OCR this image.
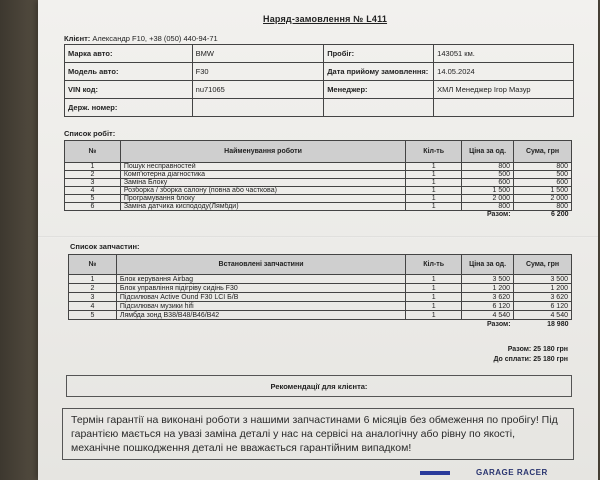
Наряд-замовлення № L411
Клієнт: Александр F10, +38 (050) 440-94-71
Марка авто:	BMW	Пробіг:	143051 км.
Модель авто:	F30	Дата прийому замовлення:	14.05.2024
VIN код:	nu71065	Менеджер:	ХМЛ Менеджер Ігор Мазур
Держ. номер:			
Список робіт:
№	Найменування роботи	Кіл-ть	Ціна за од.	Сума, грн
1	Пошук несправностей	1	800	800
2	Комп'ютерна діагностика	1	500	500
3	Заміна Блоку	1	600	600
4	Розборка / зборка салону (повна або часткова)	1	1 500	1 500
5	Програмування блоку	1	2 000	2 000
6	Заміна датчика киспододу(Лямбди)	1	800	800
			Разом:	6 200
Список запчастин:
№	Встановлені запчастини	Кіл-ть	Ціна за од.	Сума, грн
1	Блок керування Airbag	1	3 500	3 500
2	Блок управління підігріву сидінь F30	1	1 200	1 200
3	Підсилювач Active Ound F30 LCI Б/В	1	3 620	3 620
4	Підсилювач музики hifi	1	6 120	6 120
5	Лямбда зонд B38/B48/B46/B42	1	4 540	4 540
			Разом:	18 980
Разом: 25 180 грн
До сплати: 25 180 грн
Рекомендації для клієнта:
Термін гарантії на виконані роботи з нашими запчастинами 6 місяців без обмеження по пробігу! Під гарантією мається на увазі заміна деталі у нас на сервісі на аналогічну або рівну по якості, механічне пошкодження деталі не вважається гарантійним випадком!
GARAGE RACER
